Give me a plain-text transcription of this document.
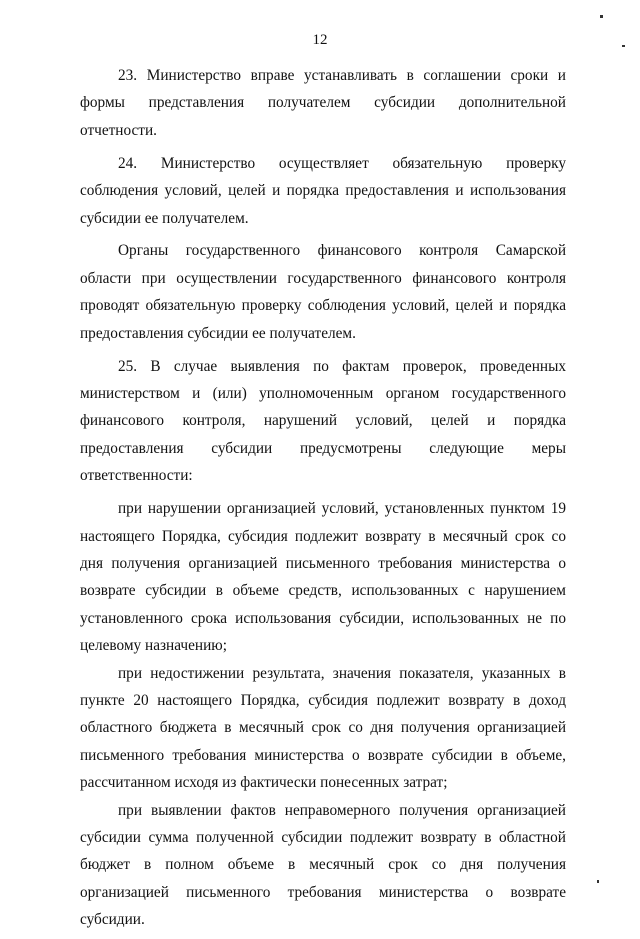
12

23. Министерство вправе устанавливать в соглашении сроки и формы представления получателем субсидии дополнительной отчетности.

24. Министерство осуществляет обязательную проверку соблюдения условий, целей и порядка предоставления и использования субсидии ее получателем.

Органы государственного финансового контроля Самарской области при осуществлении государственного финансового контроля проводят обязательную проверку соблюдения условий, целей и порядка предоставления субсидии ее получателем.

25. В случае выявления по фактам проверок, проведенных министерством и (или) уполномоченным органом государственного финансового контроля, нарушений условий, целей и порядка предоставления субсидии предусмотрены следующие меры ответственности:

при нарушении организацией условий, установленных пунктом 19 настоящего Порядка, субсидия подлежит возврату в месячный срок со дня получения организацией письменного требования министерства о возврате субсидии в объеме средств, использованных с нарушением установленного срока использования субсидии, использованных не по целевому назначению;

при недостижении результата, значения показателя, указанных в пункте 20 настоящего Порядка, субсидия подлежит возврату в доход областного бюджета в месячный срок со дня получения организацией письменного требования министерства о возврате субсидии в объеме, рассчитанном исходя из фактически понесенных затрат;

при выявлении фактов неправомерного получения организацией субсидии сумма полученной субсидии подлежит возврату в областной бюджет в полном объеме в месячный срок со дня получения организацией письменного требования министерства о возврате субсидии.
